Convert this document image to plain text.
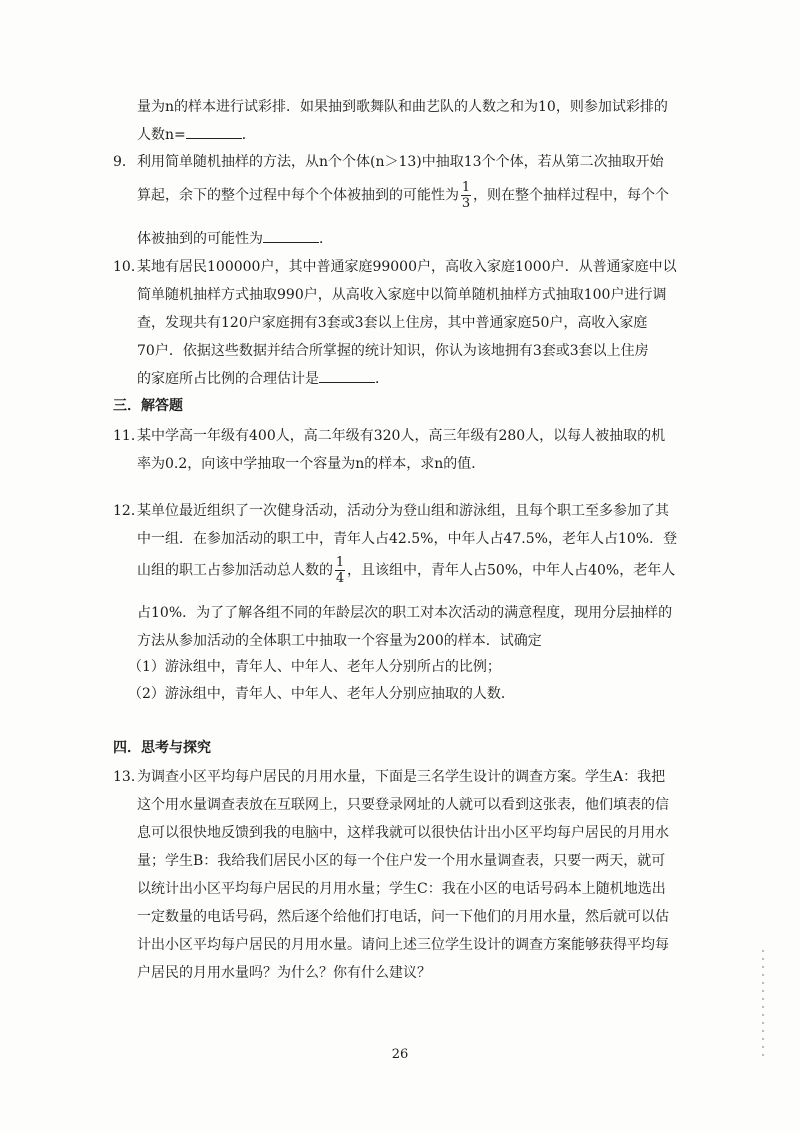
量为n的样本进行试彩排．如果抽到歌舞队和曲艺队的人数之和为10，则参加试彩排的
人数n=	．
9． 利用简单随机抽样的方法，从n个个体(n＞13)中抽取13个个体，若从第二次抽取开始
算起，余下的整个过程中每个个体被抽到的可能性为 $\frac{1}{3}$ ，则在整个抽样过程中，每个个
体被抽到的可能性为	．
10．
某地有居民100000户，其中普通家庭99000户，高收入家庭1000户．从普通家庭中以
简单随机抽样方式抽取990户，从高收入家庭中以简单随机抽样方式抽取100户进行调
查，发现共有120户家庭拥有3套或3套以上住房，其中普通家庭50户，高收入家庭
70户．依据这些数据并结合所掌握的统计知识，你认为该地拥有3套或3套以上住房
的家庭所占比例的合理估计是	．
三．解答题
11．
某中学高一年级有400人，高二年级有320人，高三年级有280人，以每人被抽取的机
率为0.2，向该中学抽取一个容量为n的样本，求n的值．
12．
某单位最近组织了一次健身活动，活动分为登山组和游泳组，且每个职工至多参加了其
中一组．在参加活动的职工中，青年人占42.5%，中年人占47.5%，老年人占10%．登
山组的职工占参加活动总人数的 $\frac{1}{4}$ ，且该组中，青年人占50%，中年人占40%，老年人
占10%．为了了解各组不同的年龄层次的职工对本次活动的满意程度，现用分层抽样的
方法从参加活动的全体职工中抽取一个容量为200的样本．试确定
（1）游泳组中，青年人、中年人、老年人分别所占的比例；
（2）游泳组中，青年人、中年人、老年人分别应抽取的人数．
四．思考与探究
13．
为调查小区平均每户居民的月用水量，下面是三名学生设计的调查方案。学生A：我把
这个用水量调查表放在互联网上，只要登录网址的人就可以看到这张表，他们填表的信
息可以很快地反馈到我的电脑中，这样我就可以很快估计出小区平均每户居民的月用水
量；学生B：我给我们居民小区的每一个住户发一个用水量调查表，只要一两天，就可
以统计出小区平均每户居民的月用水量；学生C：我在小区的电话号码本上随机地选出
一定数量的电话号码，然后逐个给他们打电话，问一下他们的月用水量，然后就可以估
计出小区平均每户居民的月用水量。请问上述三位学生设计的调查方案能够获得平均每
户居民的月用水量吗？为什么？你有什么建议？
26
